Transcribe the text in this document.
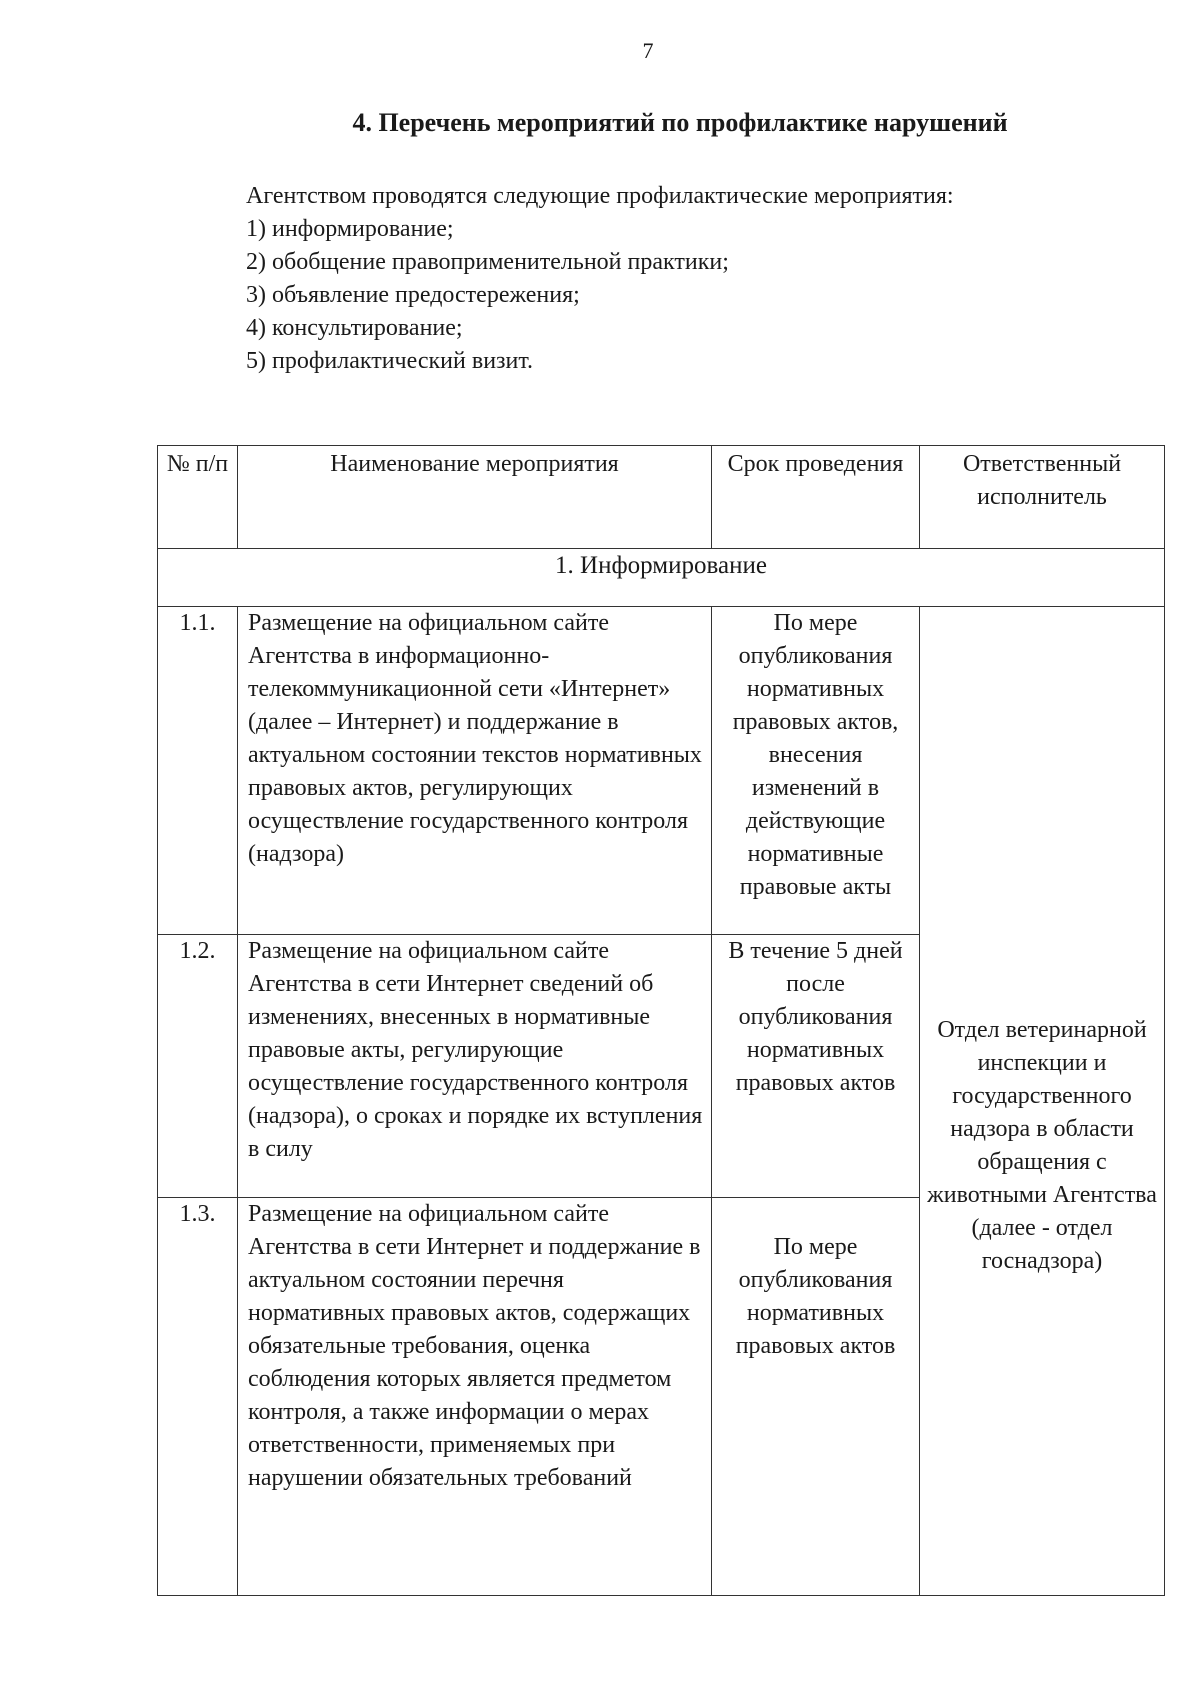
7
4. Перечень мероприятий по профилактике нарушений

Агентством проводятся следующие профилактические мероприятия:

1) информирование;

2) обобщение правоприменительной практики;

3) объявление предостережения;

4) консультирование;

5) профилактический визит.

№ п/п	Наименование мероприятия	Срок проведения	Ответственный исполнитель
1. Информирование			
1.1.	Размещение на официальном сайте Агентства в информационно-телекоммуникационной сети «Интернет» (далее – Интернет) и поддержание в актуальном состоянии текстов нормативных правовых актов, регулирующих осуществление государственного контроля (надзора)	По мере опубликования нормативных правовых актов, внесения изменений в действующие нормативные правовые акты	Отдел ветеринарной инспекции и государственного надзора в области обращения с животными Агентства (далее - отдел госнадзора)

1.2.	Размещение на официальном сайте Агентства в сети Интернет сведений об изменениях, внесенных в нормативные правовые акты, регулирующие осуществление государственного контроля (надзора), о сроках и порядке их вступления в силу	В течение 5 дней после опубликования нормативных правовых актов	
1.3.	Размещение на официальном сайте Агентства в сети Интернет и поддержание в актуальном состоянии перечня нормативных правовых актов, содержащих обязательные требования, оценка соблюдения которых является предметом контроля, а также информации о мерах ответственности, применяемых при нарушении обязательных требований	По мере опубликования нормативных правовых актов	
